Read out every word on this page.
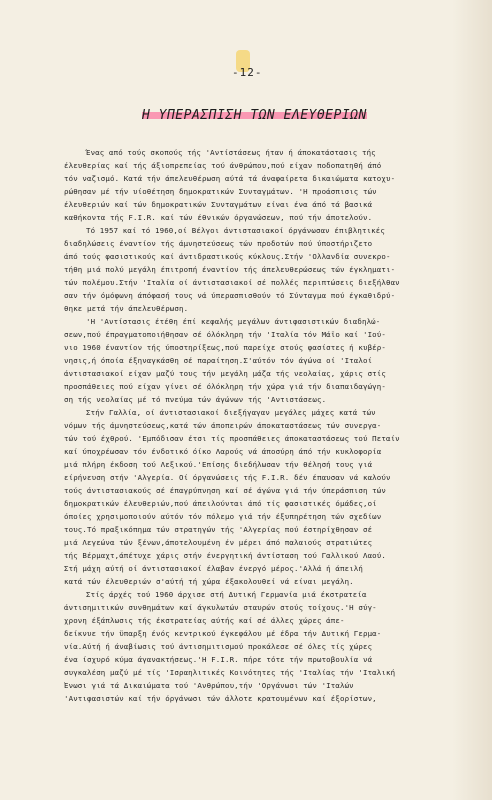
-12-
Η ΥΠΕΡΑΣΠΙΣΗ ΤΩΝ ΕΛΕΥΘΕΡΙΩΝ
Ένας από τούς σκοπούς τής 'Αντίστάσεως ήταν ή άποκατάστασις τής
έλευθερίας καί τής άξιοπρεπείας τού άνθρώπου,πού είχαν ποδοπατηθή άπό
τόν ναζισμό. Κατά τήν άπελευθέρωση αύτά τά άναφαίρετα δικαιώματα κατοχυ-
ρώθησαν μέ τήν υίοθέτηση δημοκρατικών Συνταγμάτων. 'Η προάσπισις τών
έλευθεριών καί τών δημοκρατικών Συνταγμάτων είναι ένα άπό τά βασικά
καθήκοντα τής F.I.R. καί τών έθνικών όργανώσεων, πού τήν άποτελούν.
Τό 1957 καί τό 1960,οί Βέλγοι άντιστασιακοί όργάνωσαν έπιβλητικές
διαδηλώσεις έναντίον τής άμνηστεύσεως τών προδοτών πού ύποστήριζετο
άπό τούς φασιστικούς καί άντιδραστικούς κύκλους.Στήν 'Ολλανδία συνεκρο-
τήθη μιά πολύ μεγάλη έπιτροπή έναντίον τής άπελευθερώσεως τών έγκληματι-
τών πολέμου.Στήν 'Ιταλία οί άντιστασιακοί σέ πολλές περιπτώσεις διεξήλθαν
σαν τήν όμόφωνη άπόφασή τους νά ύπερασπισθούν τό Σύνταγμα πού έγκαθιδρύ-
θηκε μετά τήν άπελευθέρωση.
'Η 'Αντίστασις έτέθη έπί κεφαλής μεγάλων άντιφασιστικών διαδηλώ-
σεων,πού έπραγματοποιήθησαν σέ όλόκληρη τήν 'Ιταλία τόν Μάϊο καί 'Ιού-
νιο 1960 έναντίον τής ύποστηρίξεως,πού παρείχε στούς φασίστες ή κυβέρ-
νησις,ή όποία έξηναγκάσθη σέ παραίτηση.Σ'αύτόν τόν άγώνα οί 'Ιταλοί
άντιστασιακοί είχαν μαζύ τους τήν μεγάλη μάζα τής νεολαίας, χάρις στίς
προσπάθειες πού είχαν γίνει σέ όλόκληρη τήν χώρα γιά τήν διαπαιδαγώγη-
ση τής νεολαίας μέ τό πνεύμα τών άγώνων τής 'Αντιστάσεως.
Στήν Γαλλία, οί άντιστασιακοί διεξήγαγαν μεγάλες μάχες κατά τών
νόμων τής άμνηστεύσεως,κατά τών άποπειρών άποκαταστάσεως τών συνεργα-
τών τού έχθρού. 'Εμπόδισαν έτσι τίς προσπάθειες άποκαταστάσεως τού Πεταίν
καί ύποχρέωσαν τόν ένδοτικό όίκο Λαρούς νά άποσύρη άπό τήν κυκλοφορία
μιά πλήρη έκδοση τού Λεξικού.'Επίσης διεδήλωσαν τήν θέλησή τους γιά
είρήνευση στήν 'Αλγερία. Οί όργανώσεις τής F.I.R. δέν έπαυσαν νά καλούν
τούς άντιστασιακούς σέ έπαγρύπνηση καί σέ άγώνα γιά τήν ύπεράσπιση τών
δημοκρατικών έλευθεριών,πού άπειλούνται άπό τίς φασιστικές όμάδες,οί
όποίες χρησιμοποιούν αύτόν τόν πόλεμο γιά τήν έξυπηρέτηση τών σχεδίων
τους.Τό πραξικόπημα τών στρατηγών τής 'Αλγερίας πού έστηρίχθησαν σέ
μιά Λεγεώνα τών ξένων,άποτελουμένη έν μέρει άπό παλαιούς στρατιώτες
τής Βέρμαχτ,άπέτυχε χάρις στήν ένεργητική άντίσταση τού Γαλλικού Λαού.
Στή μάχη αύτή οί άντιστασιακοί έλαβαν ένεργό μέρος.'Αλλά ή άπειλή
κατά τών έλευθεριών σ'αύτή τή χώρα έξακολουθεί νά είναι μεγάλη.
Στίς άρχές τού 1960 άρχισε στή Δυτική Γερμανία μιά έκστρατεία
άντισημιτικών συνθημάτων καί άγκυλωτών σταυρών στούς τοίχους.'Η σύγ-
χρονη έξάπλωσις τής έκστρατείας αύτής καί σέ άλλες χώρες άπε-
δείκνυε τήν ϋπαρξη ένός κεντρικού έγκεφάλου μέ έδρα τήν Δυτική Γερμα-
νία.Αύτή ή άναβίωσις τού άντισημιτισμού προκάλεσε σέ όλες τίς χώρες
ένα ίσχυρό κύμα άγανακτήσεως.'Η F.I.R. πήρε τότε τήν πρωτοβουλία νά
συγκαλέση μαζύ μέ τίς 'Ισραηλιτικές Κοινότητες τής 'Ιταλίας τήν 'Ιταλική
Ένωσι γιά τά Δικαιώματα τού 'Ανθρώπου,τήν 'Οργάνωσι τών 'Ιταλών
'Αντιφασιστών καί τήν όργάνωσι τών άλλοτε κρατουμένων καί έξορίστων,
